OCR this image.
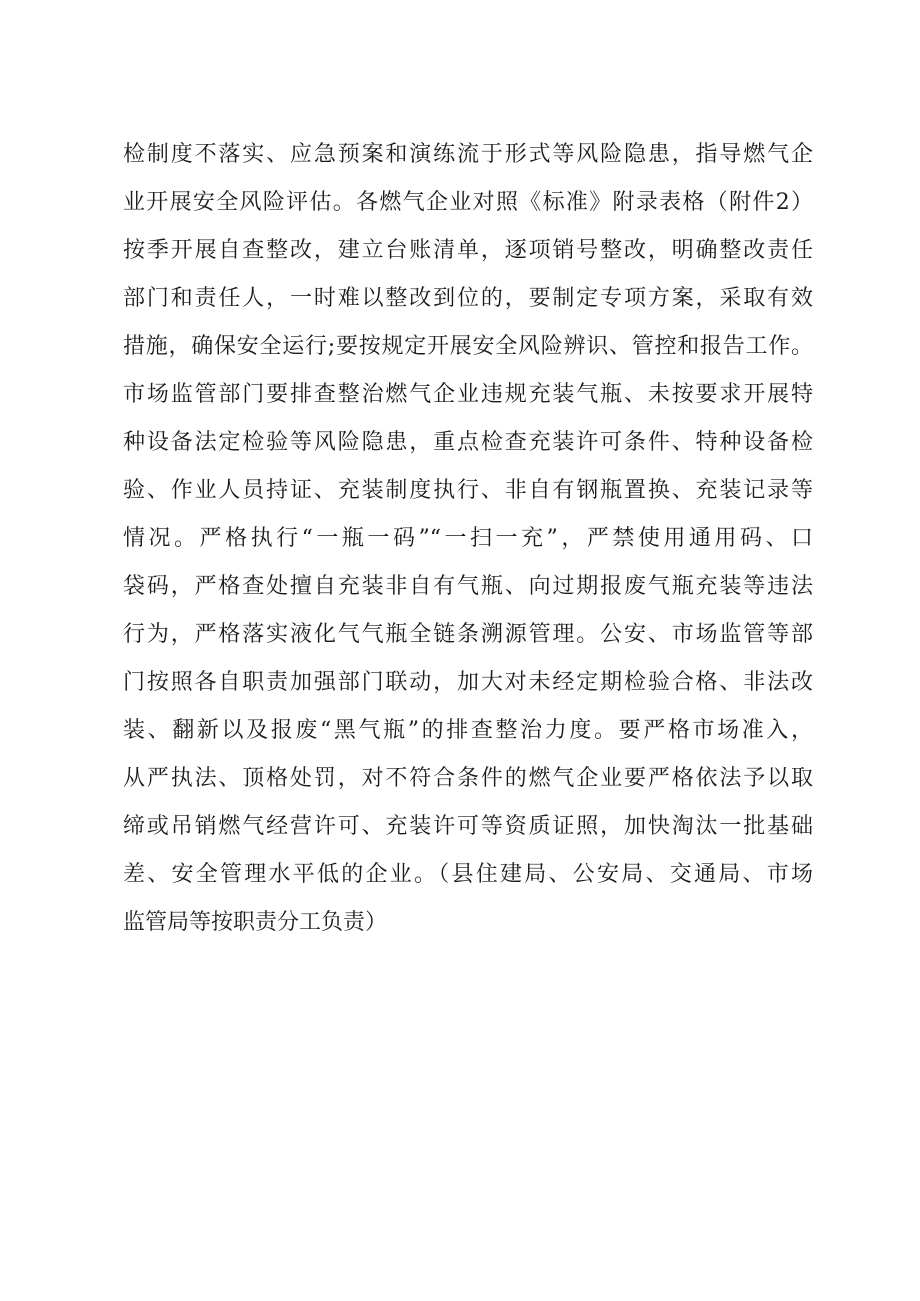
检制度不落实、应急预案和演练流于形式等风险隐患，指导燃气企
业开展安全风险评估。各燃气企业对照《标准》附录表格（附件2）
按季开展自查整改，建立台账清单，逐项销号整改，明确整改责任
部门和责任人，一时难以整改到位的，要制定专项方案，采取有效
措施，确保安全运行;要按规定开展安全风险辨识、管控和报告工作。
市场监管部门要排查整治燃气企业违规充装气瓶、未按要求开展特
种设备法定检验等风险隐患，重点检查充装许可条件、特种设备检
验、作业人员持证、充装制度执行、非自有钢瓶置换、充装记录等
情况。严格执行“一瓶一码”“一扫一充”，严禁使用通用码、口
袋码，严格查处擅自充装非自有气瓶、向过期报废气瓶充装等违法
行为，严格落实液化气气瓶全链条溯源管理。公安、市场监管等部
门按照各自职责加强部门联动，加大对未经定期检验合格、非法改
装、翻新以及报废“黑气瓶”的排查整治力度。要严格市场准入，
从严执法、顶格处罚，对不符合条件的燃气企业要严格依法予以取
缔或吊销燃气经营许可、充装许可等资质证照，加快淘汰一批基础
差、安全管理水平低的企业。（县住建局、公安局、交通局、市场
监管局等按职责分工负责）
